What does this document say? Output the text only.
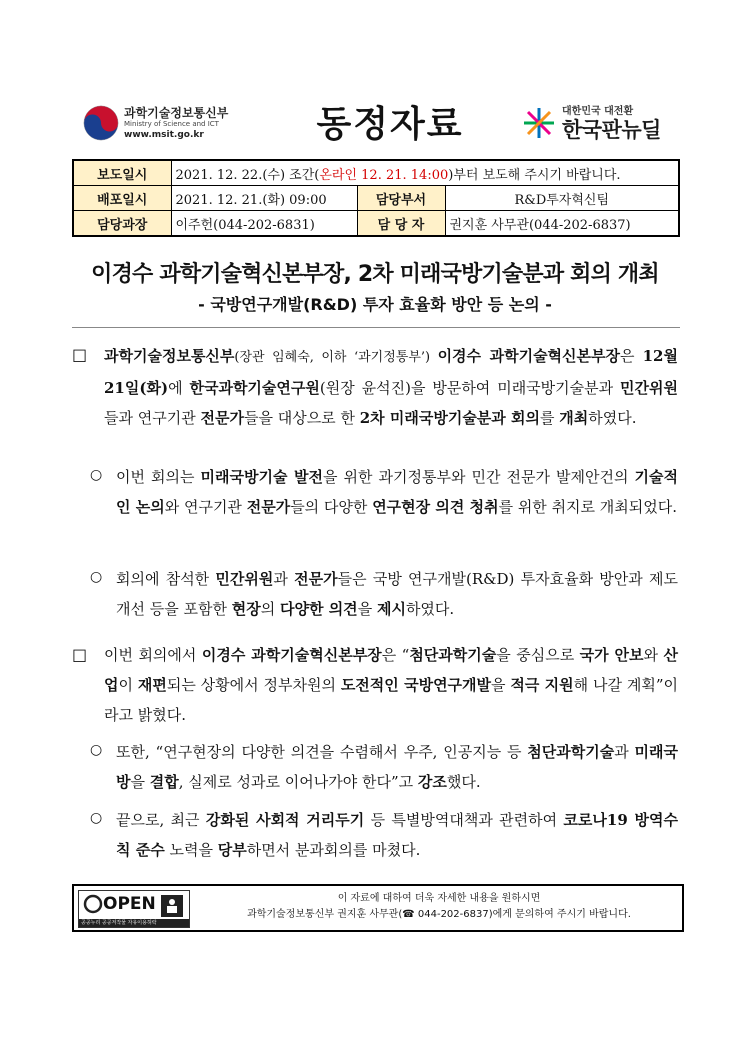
과학기술정보통신부
Ministry of Science and ICT
www.msit.go.kr	동정자료	대한민국 대전환
한국판뉴딜
보도일시	2021. 12. 22.(수) 조간(온라인 12. 21. 14:00)부터 보도해 주시기 바랍니다.		
배포일시	2021. 12. 21.(화) 09:00	담당부서	R&D투자혁신팀
담당과장	이주헌(044-202-6831)	담 당 자	권지훈 사무관(044-202-6837)
이경수 과학기술혁신본부장, 2차 미래국방기술분과 회의 개최
- 국방연구개발(R&D) 투자 효율화 방안 등 논의 -
□ 과학기술정보통신부(장관 임혜숙, 이하 ‘과기정통부’) 이경수 과학기술혁신본부장은 12월 21일(화)에 한국과학기술연구원(원장 윤석진)을 방문하여 미래국방기술분과 민간위원들과 연구기관 전문가들을 대상으로 한 2차 미래국방기술분과 회의를 개최하였다.

○ 이번 회의는 미래국방기술 발전을 위한 과기정통부와 민간 전문가 발제안건의 기술적인 논의와 연구기관 전문가들의 다양한 연구현장 의견 청취를 위한 취지로 개최되었다.

○ 회의에 참석한 민간위원과 전문가들은 국방 연구개발(R&D) 투자효율화 방안과 제도개선 등을 포함한 현장의 다양한 의견을 제시하였다.

□ 이번 회의에서 이경수 과학기술혁신본부장은 “첨단과학기술을 중심으로 국가 안보와 산업이 재편되는 상황에서 정부차원의 도전적인 국방연구개발을 적극 지원해 나갈 계획”이라고 밝혔다.

○ 또한, “연구현장의 다양한 의견을 수렴해서 우주, 인공지능 등 첨단과학기술과 미래국방을 결합, 실제로 성과로 이어나가야 한다”고 강조했다.

○ 끝으로, 최근 강화된 사회적 거리두기 등 특별방역대책과 관련하여 코로나19 방역수칙 준수 노력을 당부하면서 분과회의를 마쳤다.

OPEN
공공누리 공공저작물 자유이용허락
이 자료에 대하여 더욱 자세한 내용을 원하시면
과학기술정보통신부 권지훈 사무관(☎ 044-202-6837)에게 문의하여 주시기 바랍니다.
